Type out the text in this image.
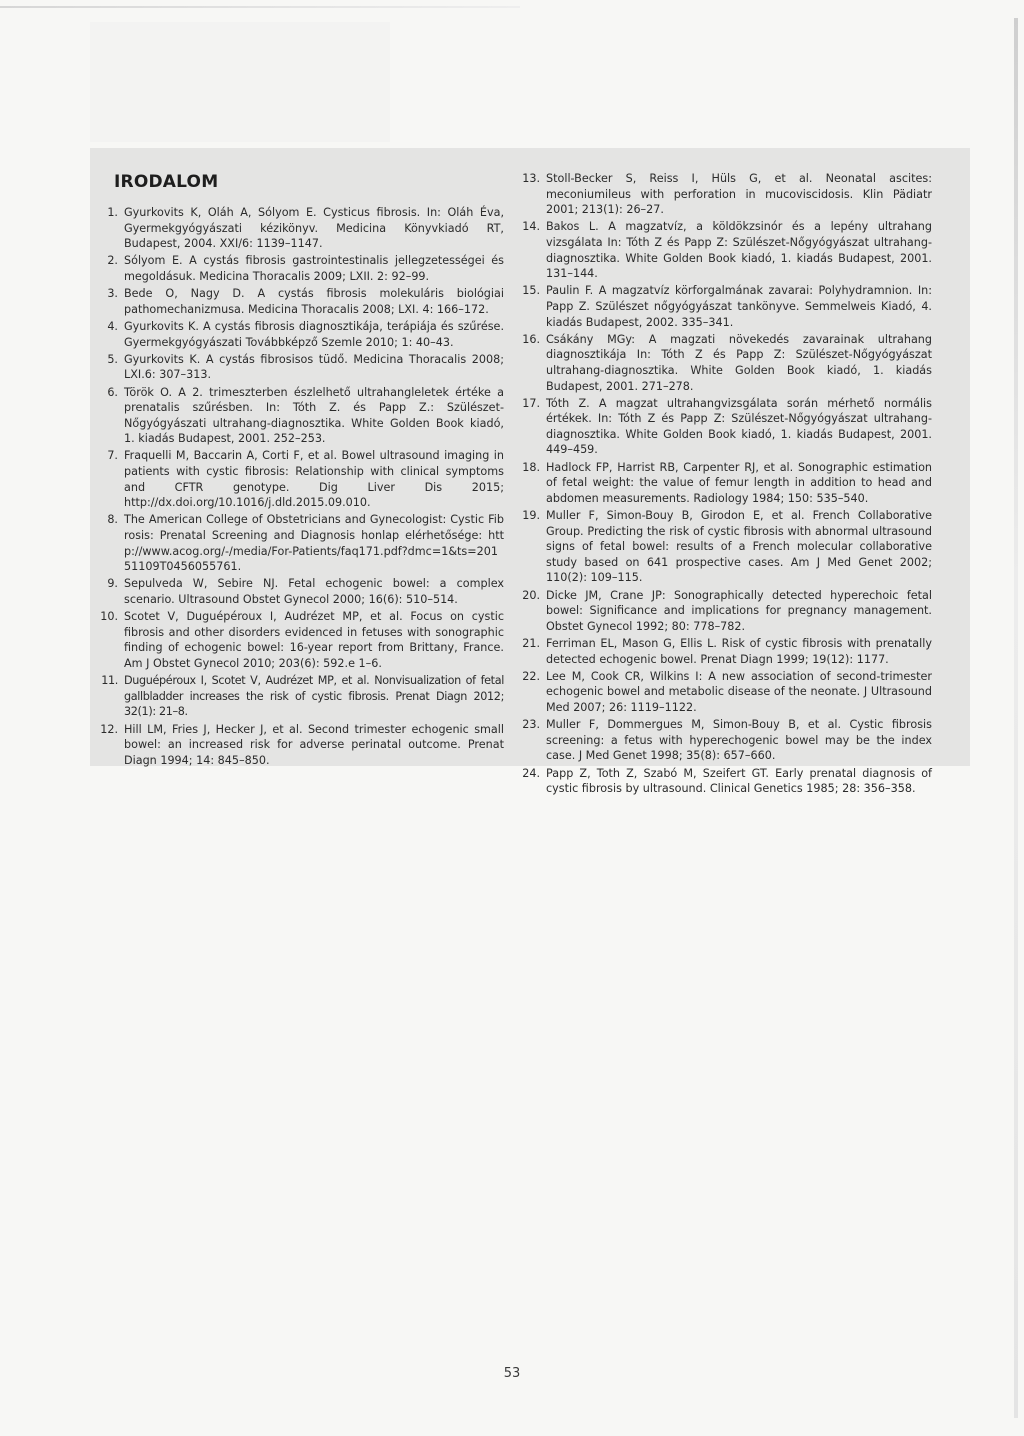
IRODALOM
1. Gyurkovits K, Oláh A, Sólyom E. Cysticus fibrosis. In: Oláh Éva, Gyermekgyógyászati kézikönyv. Medicina Könyvkiadó RT, Budapest, 2004. XXI/6: 1139–1147.
2. Sólyom E. A cystás fibrosis gastrointestinalis jellegzetességei és megoldásuk. Medicina Thoracalis 2009; LXII. 2: 92–99.
3. Bede O, Nagy D. A cystás fibrosis molekuláris biológiai pathomechanizmusa. Medicina Thoracalis 2008; LXI. 4: 166–172.
4. Gyurkovits K. A cystás fibrosis diagnosztikája, terápiája és szűrése. Gyermekgyógyászati Továbbképző Szemle 2010; 1: 40–43.
5. Gyurkovits K. A cystás fibrosisos tüdő. Medicina Thoracalis 2008; LXI.6: 307–313.
6. Török O. A 2. trimeszterben észlelhető ultrahangleletek értéke a prenatalis szűrésben. In: Tóth Z. és Papp Z.: Szülészet-Nőgyógyászati ultrahang-diagnosztika. White Golden Book kiadó, 1. kiadás Budapest, 2001. 252–253.
7. Fraquelli M, Baccarin A, Corti F, et al. Bowel ultrasound imaging in patients with cystic fibrosis: Relationship with clinical symptoms and CFTR genotype. Dig Liver Dis 2015; http://dx.doi.org/10.1016/j.dld.2015.09.010.
8. The American College of Obstetricians and Gynecologist: Cystic Fibrosis: Prenatal Screening and Diagnosis honlap elérhetősége: http://www.acog.org/-/media/For-Patients/faq171.pdf?dmc=1&ts=20151109T0456055761.
9. Sepulveda W, Sebire NJ. Fetal echogenic bowel: a complex scenario. Ultrasound Obstet Gynecol 2000; 16(6): 510–514.
10. Scotet V, Duguépéroux I, Audrézet MP, et al. Focus on cystic fibrosis and other disorders evidenced in fetuses with sonographic finding of echogenic bowel: 16-year report from Brittany, France. Am J Obstet Gynecol 2010; 203(6): 592.e 1–6.
11. Duguépéroux I, Scotet V, Audrézet MP, et al. Nonvisualization of fetal gallbladder increases the risk of cystic fibrosis. Prenat Diagn 2012; 32(1): 21–8.
12. Hill LM, Fries J, Hecker J, et al. Second trimester echogenic small bowel: an increased risk for adverse perinatal outcome. Prenat Diagn 1994; 14: 845–850.
13. Stoll-Becker S, Reiss I, Hüls G, et al. Neonatal ascites: meconiumileus with perforation in mucoviscidosis. Klin Pädiatr 2001; 213(1): 26–27.
14. Bakos L. A magzatvíz, a köldökzsinór és a lepény ultrahang vizsgálata In: Tóth Z és Papp Z: Szülészet-Nőgyógyászat ultrahang-diagnosztika. White Golden Book kiadó, 1. kiadás Budapest, 2001. 131–144.
15. Paulin F. A magzatvíz körforgalmának zavarai: Polyhydramnion. In: Papp Z. Szülészet nőgyógyászat tankönyve. Semmelweis Kiadó, 4. kiadás Budapest, 2002. 335–341.
16. Csákány MGy: A magzati növekedés zavarainak ultrahang diagnosztikája In: Tóth Z és Papp Z: Szülészet-Nőgyógyászat ultrahang-diagnosztika. White Golden Book kiadó, 1. kiadás Budapest, 2001. 271–278.
17. Tóth Z. A magzat ultrahangvizsgálata során mérhető normális értékek. In: Tóth Z és Papp Z: Szülészet-Nőgyógyászat ultrahang-diagnosztika. White Golden Book kiadó, 1. kiadás Budapest, 2001. 449–459.
18. Hadlock FP, Harrist RB, Carpenter RJ, et al. Sonographic estimation of fetal weight: the value of femur length in addition to head and abdomen measurements. Radiology 1984; 150: 535–540.
19. Muller F, Simon-Bouy B, Girodon E, et al. French Collaborative Group. Predicting the risk of cystic fibrosis with abnormal ultrasound signs of fetal bowel: results of a French molecular collaborative study based on 641 prospective cases. Am J Med Genet 2002; 110(2): 109–115.
20. Dicke JM, Crane JP: Sonographically detected hyperechoic fetal bowel: Significance and implications for pregnancy management. Obstet Gynecol 1992; 80: 778–782.
21. Ferriman EL, Mason G, Ellis L. Risk of cystic fibrosis with prenatally detected echogenic bowel. Prenat Diagn 1999; 19(12): 1177.
22. Lee M, Cook CR, Wilkins I: A new association of second-trimester echogenic bowel and metabolic disease of the neonate. J Ultrasound Med 2007; 26: 1119–1122.
23. Muller F, Dommergues M, Simon-Bouy B, et al. Cystic fibrosis screening: a fetus with hyperechogenic bowel may be the index case. J Med Genet 1998; 35(8): 657–660.
24. Papp Z, Toth Z, Szabó M, Szeifert GT. Early prenatal diagnosis of cystic fibrosis by ultrasound. Clinical Genetics 1985; 28: 356–358.
53
